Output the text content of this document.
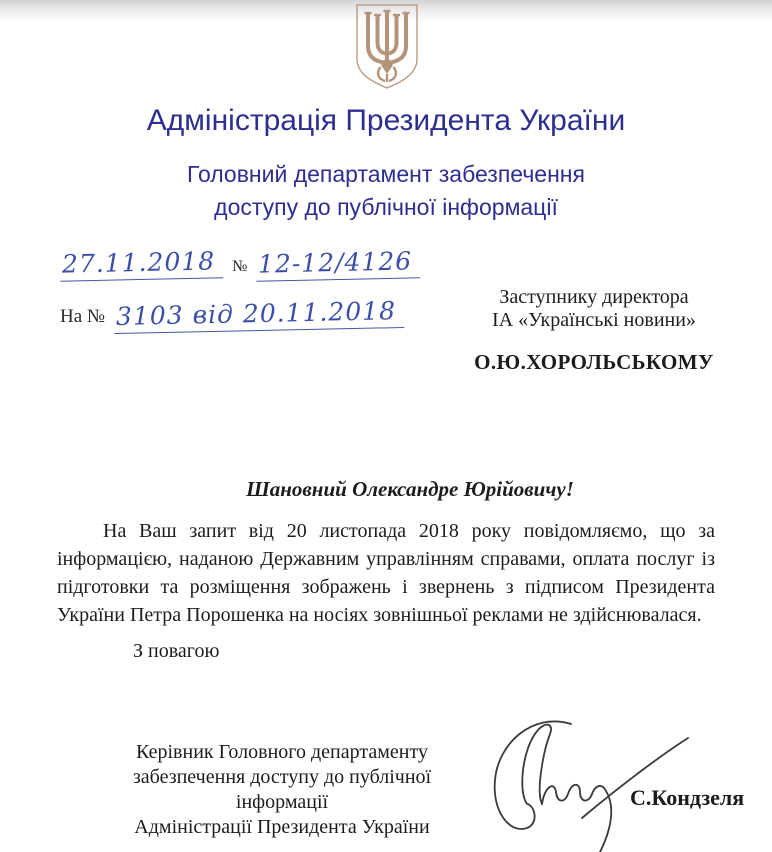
Адміністрація Президента України
Головний департамент забезпечення
доступу до публічної інформації
27.11.2018	№ 12-12/4126
На № 3103 від 20.11.2018	Заступнику директора
ІА «Українські новини»
О.Ю.ХОРОЛЬСЬКОМУ
Шановний Олександре Юрійовичу!
На Ваш запит від 20 листопада 2018 року повідомляємо, що за інформацією, наданою Державним управлінням справами, оплата послуг із підготовки та розміщення зображень і звернень з підписом Президента України Петра Порошенка на носіях зовнішньої реклами не здійснювалася.
З повагою
Керівник Головного департаменту
забезпечення доступу до публічної інформації
Адміністрації Президента України
С.Кондзеля
